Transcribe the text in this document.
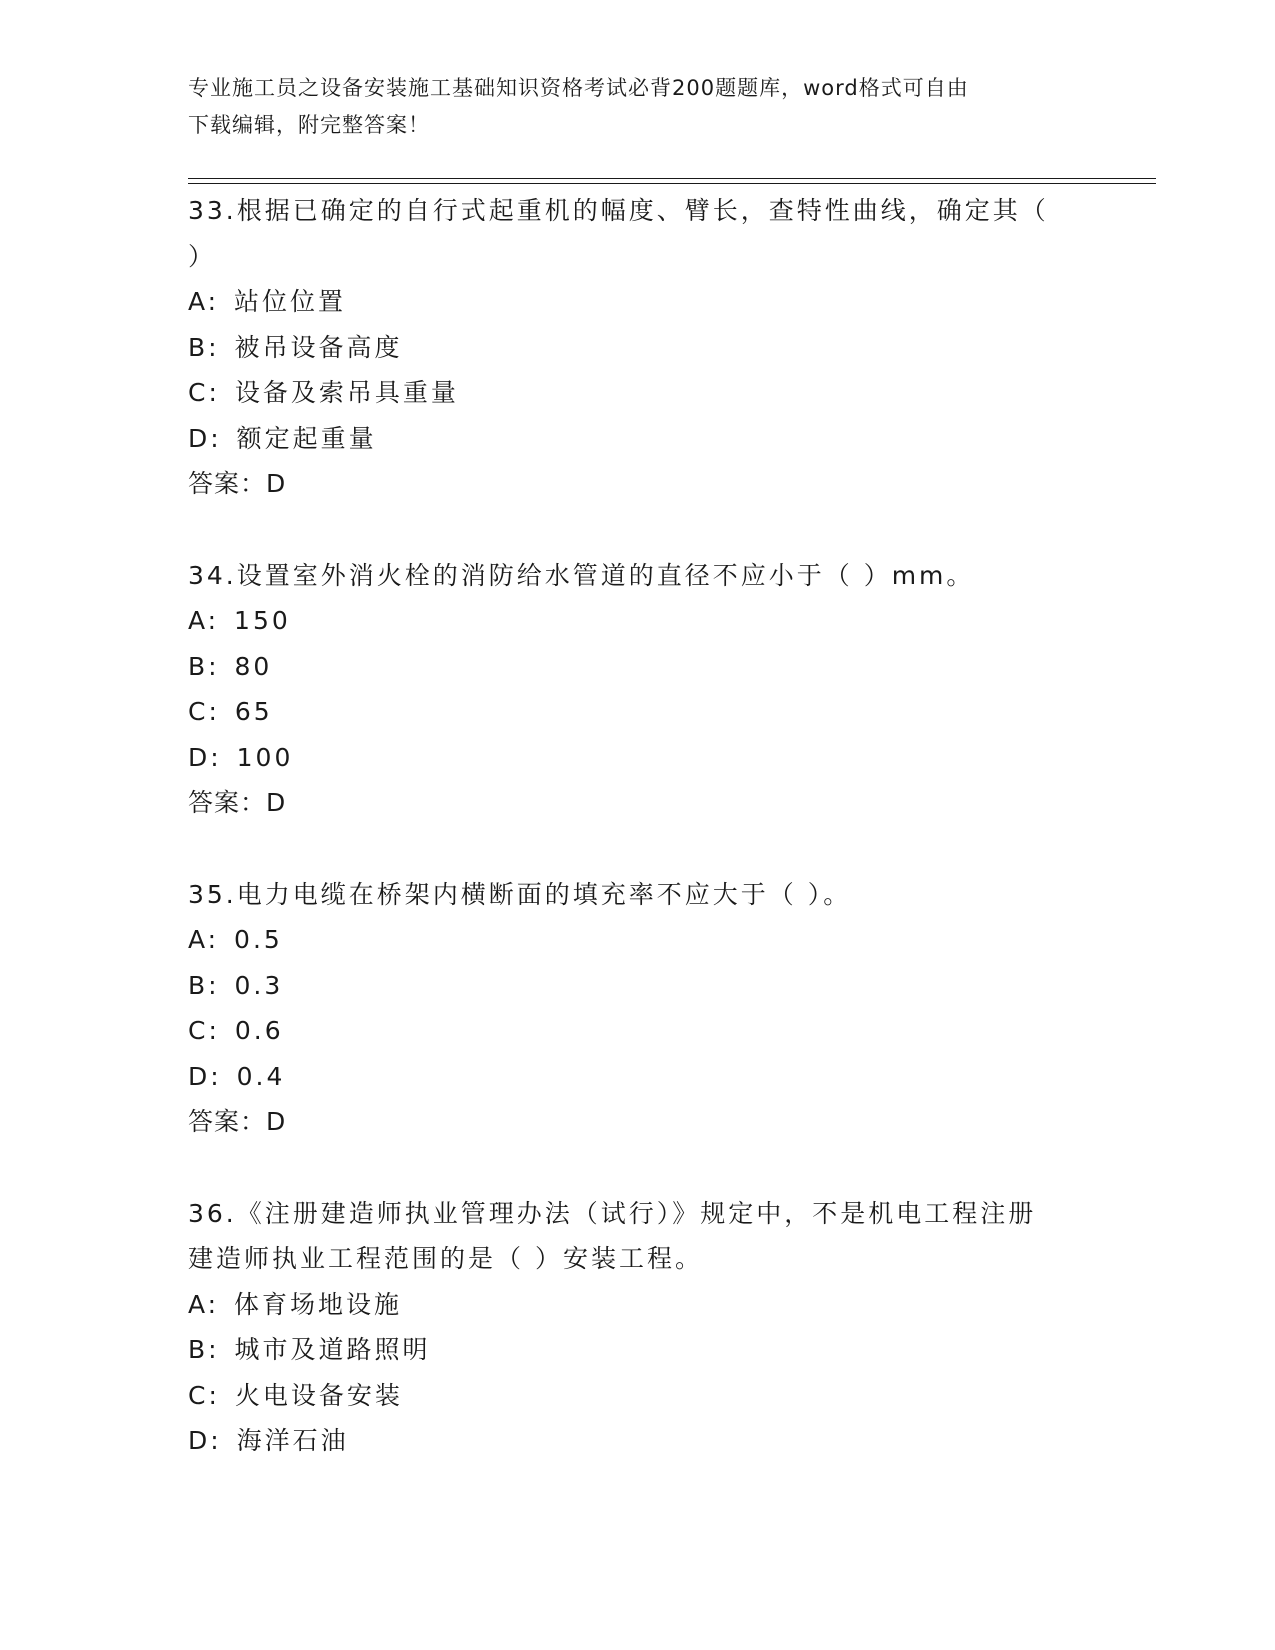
专业施工员之设备安装施工基础知识资格考试必背200题题库，word格式可自由
下载编辑，附完整答案！
33.根据已确定的自行式起重机的幅度、臂长，查特性曲线，确定其（
）
A: 站位位置
B: 被吊设备高度
C: 设备及索吊具重量
D: 额定起重量
答案：D
34.设置室外消火栓的消防给水管道的直径不应小于（ ）mm。
A: 150
B: 80
C: 65
D: 100
答案：D
35.电力电缆在桥架内横断面的填充率不应大于（ ）。
A: 0.5
B: 0.3
C: 0.6
D: 0.4
答案：D
36.《注册建造师执业管理办法（试行）》规定中，不是机电工程注册
建造师执业工程范围的是（ ）安装工程。
A: 体育场地设施
B: 城市及道路照明
C: 火电设备安装
D: 海洋石油
